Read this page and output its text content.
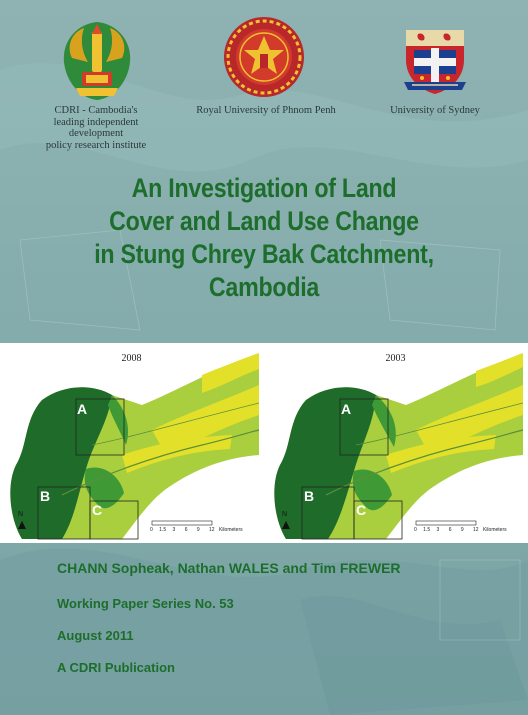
CDRI - Cambodia's
leading independent development
policy research institute
Royal University of Phnom Penh	University of Sydney
An Investigation of Land
Cover and Land Use Change
in Stung Chrey Bak Catchment,
Cambodia
2008
A
B
C
N
0 1.5 3 6 9 12 Kilometers
2003
A
B
C
N
0 1.5 3 6 9 12 Kilometers
CHANN Sopheak, Nathan WALES and Tim FREWER
Working Paper Series No. 53
August 2011
A CDRI Publication
